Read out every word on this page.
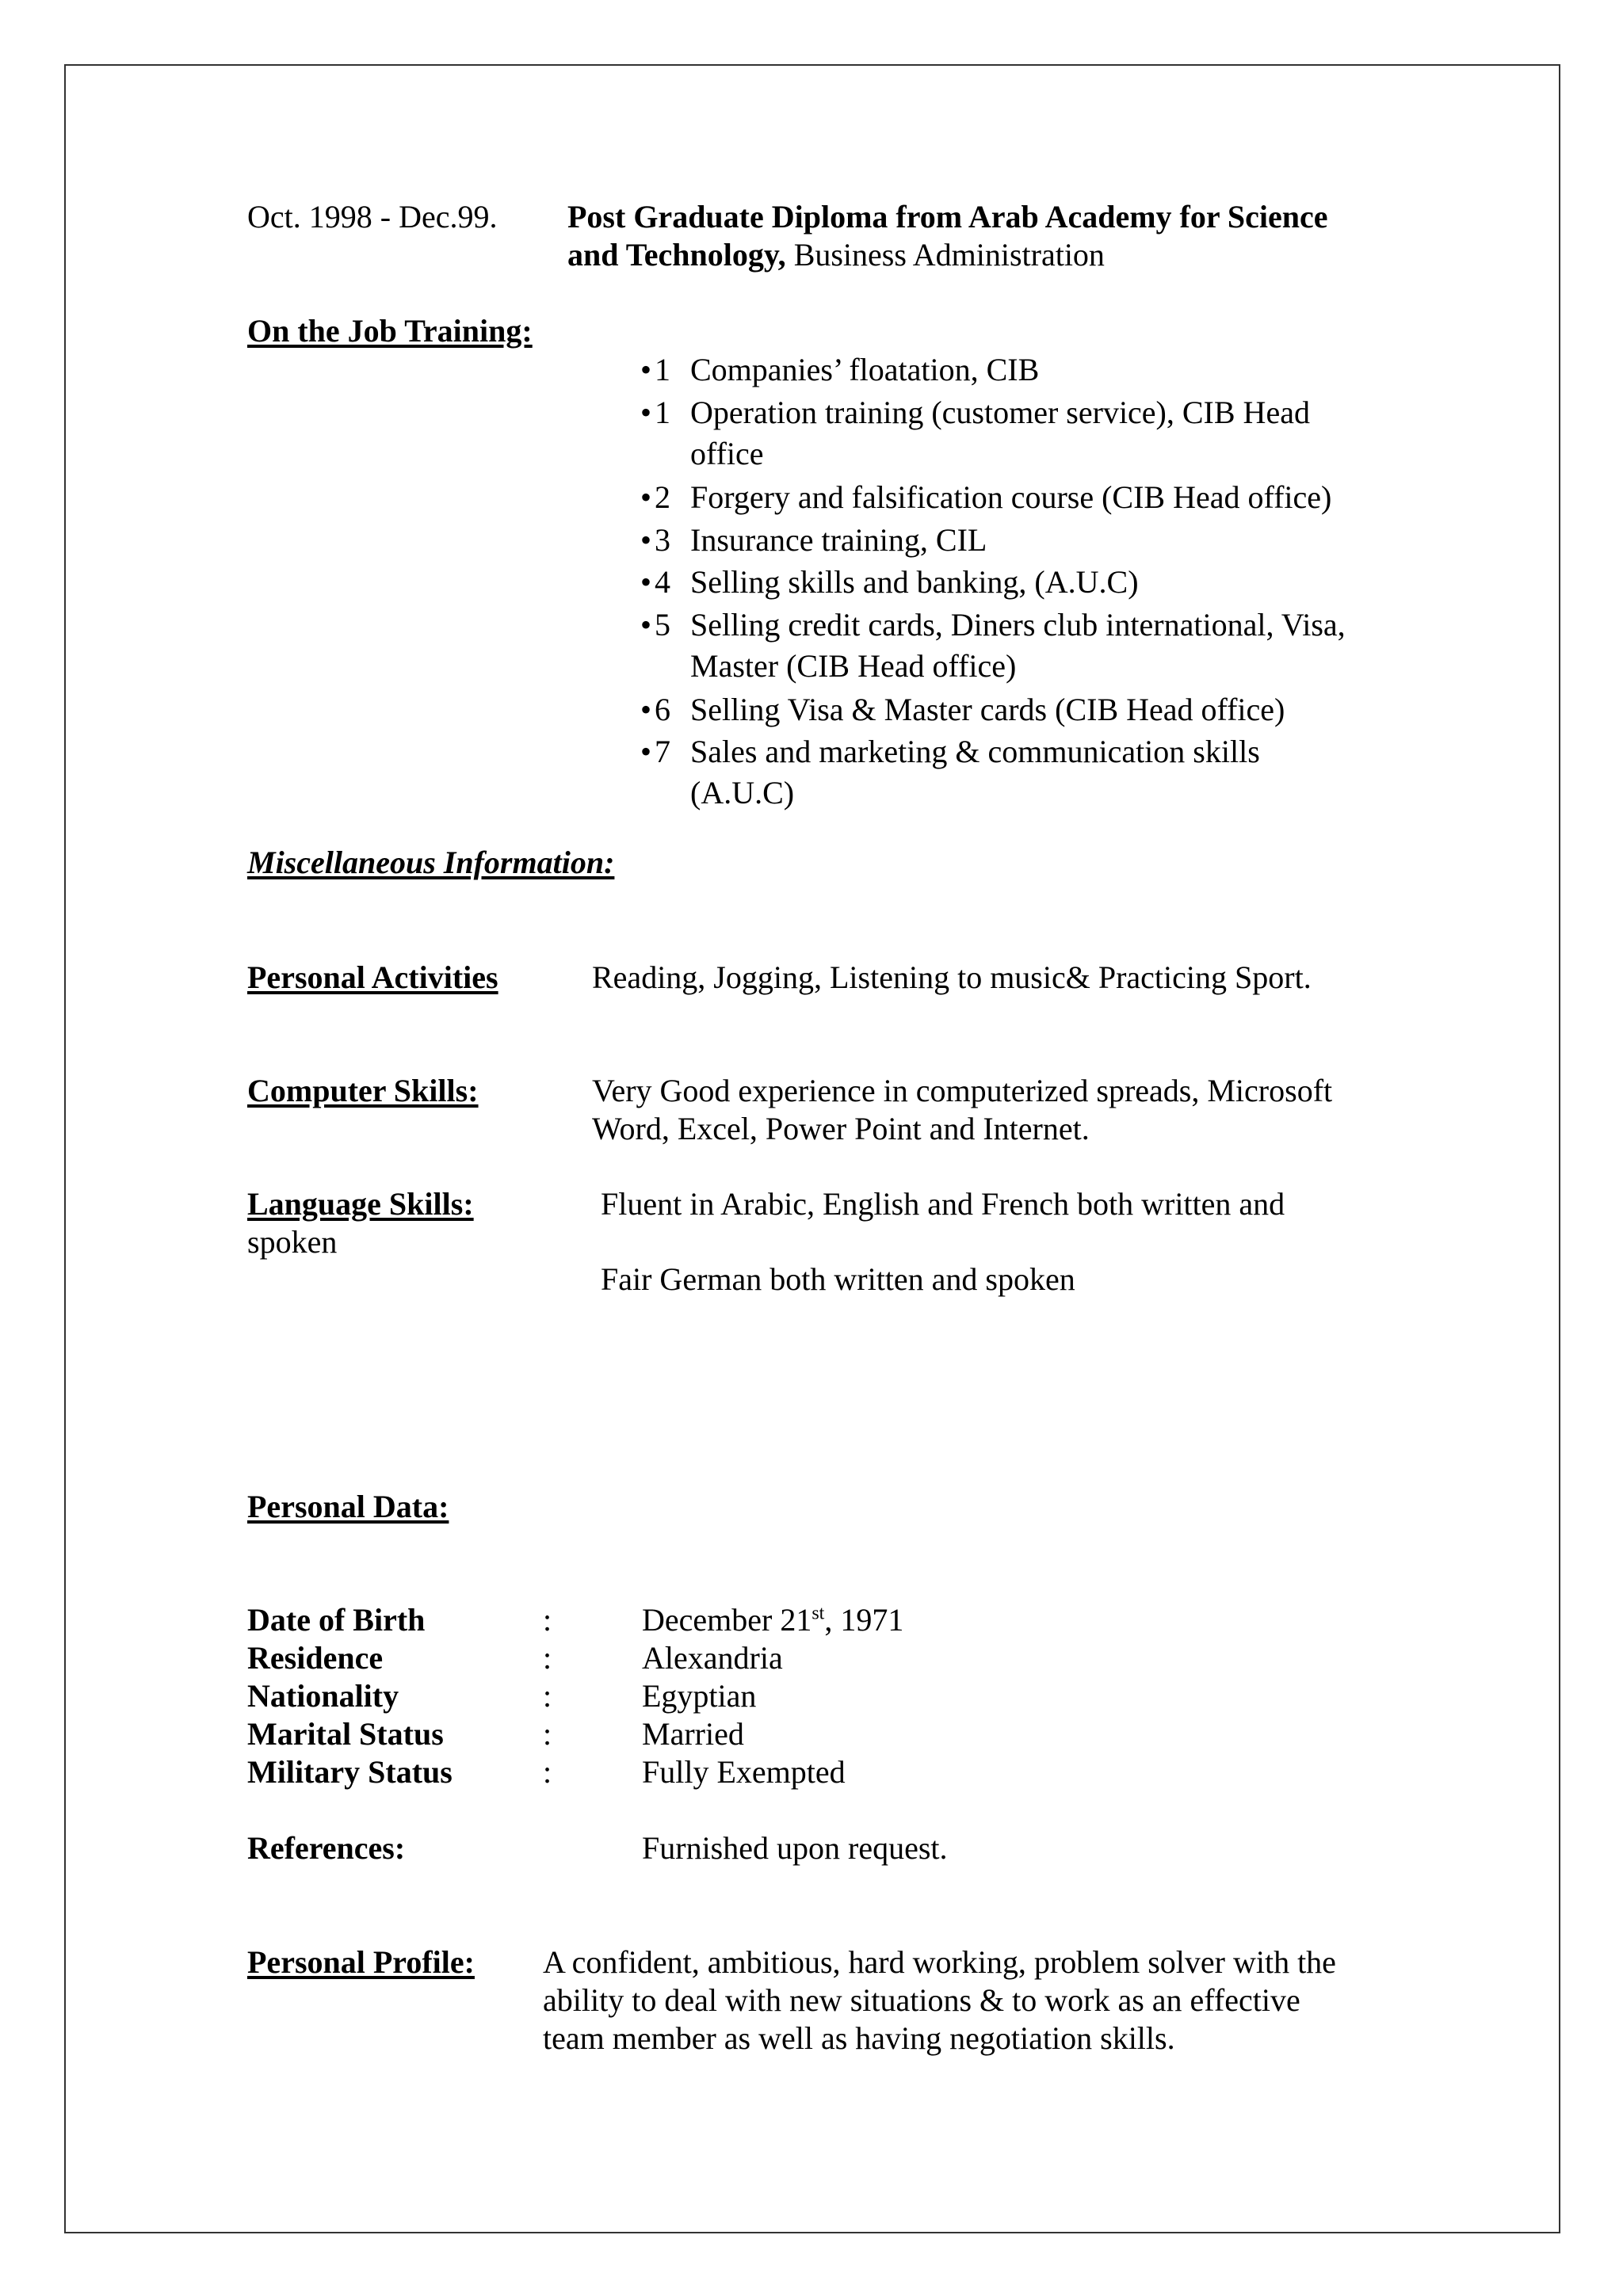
Oct. 1998 - Dec.99. Post Graduate Diploma from Arab Academy for Science
and Technology, Business Administration
On the Job Training:
• 1 Companies’ floatation, CIB
• 1 Operation training (customer service), CIB Head
office
• 2 Forgery and falsification course (CIB Head office)
• 3 Insurance training, CIL
• 4 Selling skills and banking, (A.U.C)
• 5 Selling credit cards, Diners club international, Visa,
Master (CIB Head office)
• 6 Selling Visa & Master cards (CIB Head office)
• 7 Sales and marketing & communication skills
(A.U.C)
Miscellaneous Information:
Personal Activities	Reading, Jogging, Listening to music& Practicing Sport.
Computer Skills:	Very Good experience in computerized spreads, Microsoft
Word, Excel, Power Point and Internet.
Language Skills:	Fluent in Arabic, English and French both written and
spoken
Fair German both written and spoken
Personal Data:
Date of Birth	:	December 21st, 1971
Residence	:	Alexandria
Nationality	:	Egyptian
Marital Status	:	Married
Military Status	:	Fully Exempted
References:	Furnished upon request.
Personal Profile: A confident, ambitious, hard working, problem solver with the
ability to deal with new situations & to work as an effective
team member as well as having negotiation skills.
